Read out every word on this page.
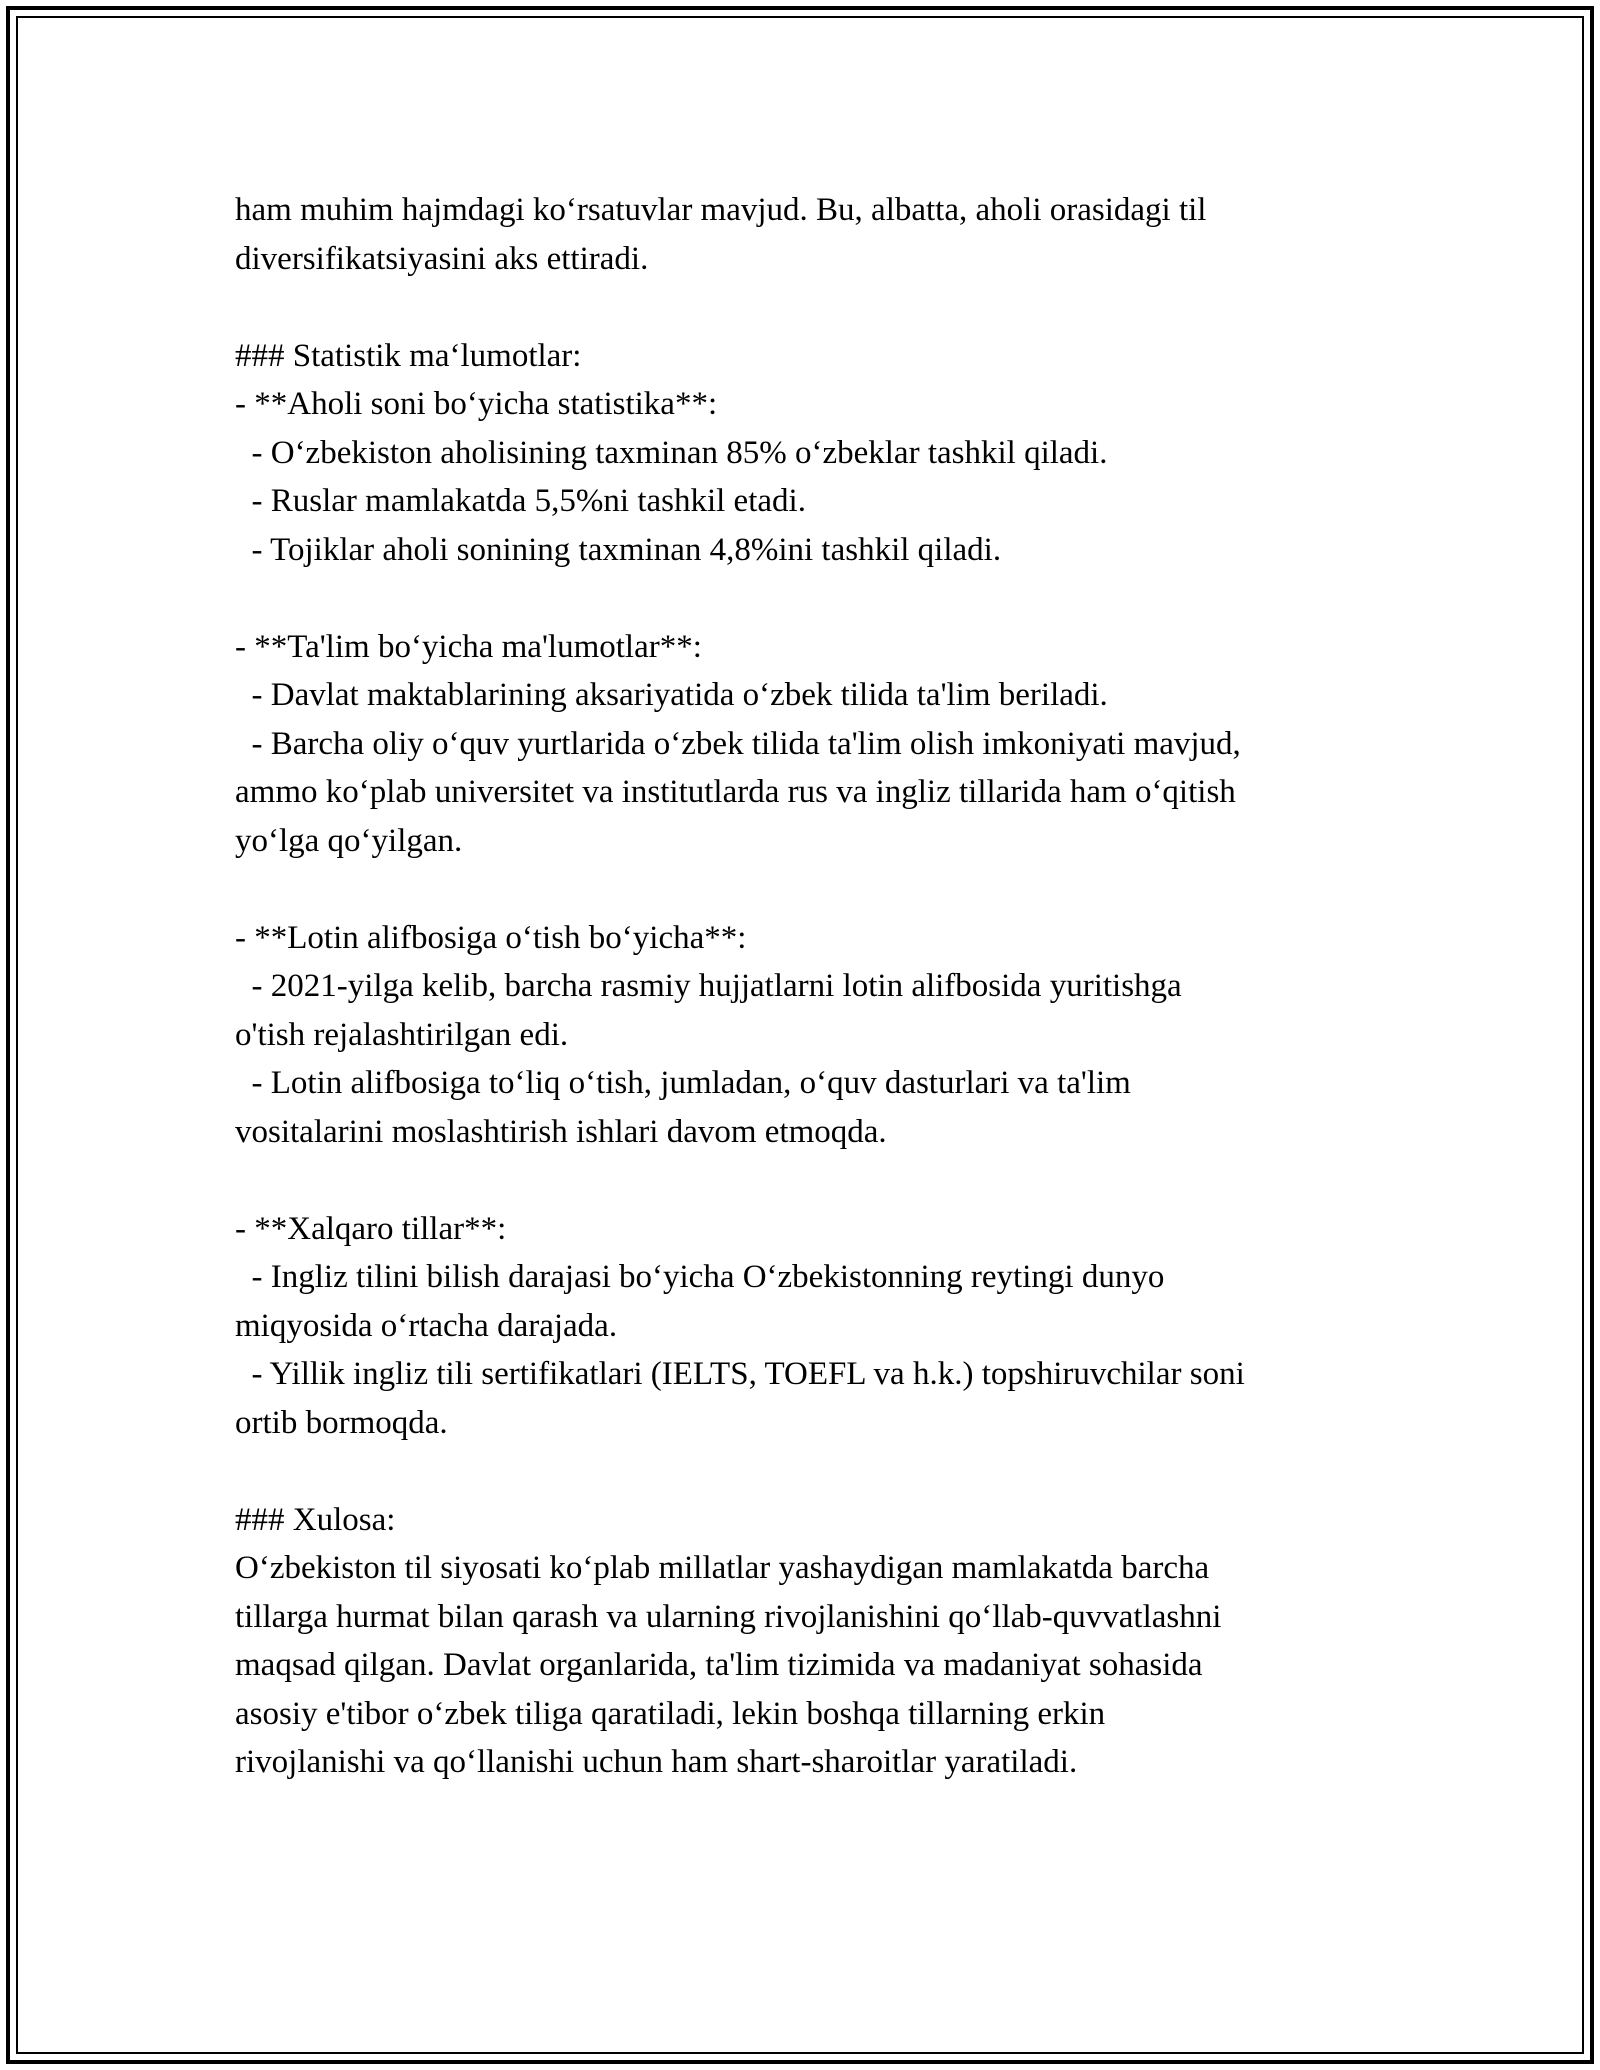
ham muhim hajmdagi ko‘rsatuvlar mavjud. Bu, albatta, aholi orasidagi til
diversifikatsiyasini aks ettiradi.
### Statistik ma‘lumotlar:
- **Aholi soni bo‘yicha statistika**:
- O‘zbekiston aholisining taxminan 85% o‘zbeklar tashkil qiladi.
- Ruslar mamlakatda 5,5%ni tashkil etadi.
- Tojiklar aholi sonining taxminan 4,8%ini tashkil qiladi.
- **Ta'lim bo‘yicha ma'lumotlar**:
- Davlat maktablarining aksariyatida o‘zbek tilida ta'lim beriladi.
- Barcha oliy o‘quv yurtlarida o‘zbek tilida ta'lim olish imkoniyati mavjud,
ammo ko‘plab universitet va institutlarda rus va ingliz tillarida ham o‘qitish
yo‘lga qo‘yilgan.
- **Lotin alifbosiga o‘tish bo‘yicha**:
- 2021-yilga kelib, barcha rasmiy hujjatlarni lotin alifbosida yuritishga
o'tish rejalashtirilgan edi.
- Lotin alifbosiga to‘liq o‘tish, jumladan, o‘quv dasturlari va ta'lim
vositalarini moslashtirish ishlari davom etmoqda.
- **Xalqaro tillar**:
- Ingliz tilini bilish darajasi bo‘yicha O‘zbekistonning reytingi dunyo
miqyosida o‘rtacha darajada.
- Yillik ingliz tili sertifikatlari (IELTS, TOEFL va h.k.) topshiruvchilar soni
ortib bormoqda.
### Xulosa:
O‘zbekiston til siyosati ko‘plab millatlar yashaydigan mamlakatda barcha
tillarga hurmat bilan qarash va ularning rivojlanishini qo‘llab-quvvatlashni
maqsad qilgan. Davlat organlarida, ta'lim tizimida va madaniyat sohasida
asosiy e'tibor o‘zbek tiliga qaratiladi, lekin boshqa tillarning erkin
rivojlanishi va qo‘llanishi uchun ham shart-sharoitlar yaratiladi.
